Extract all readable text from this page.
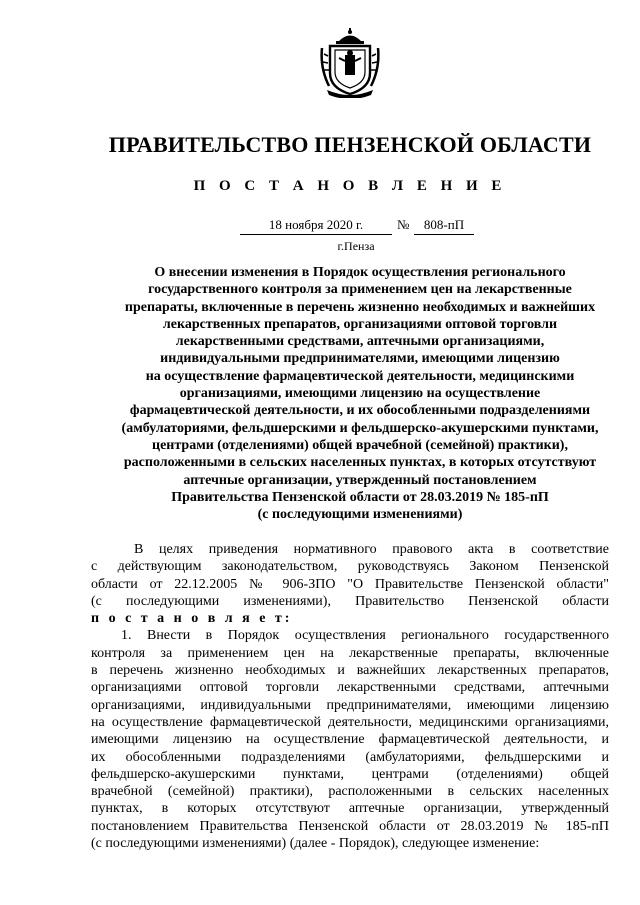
ПРАВИТЕЛЬСТВО ПЕНЗЕНСКОЙ ОБЛАСТИ
П О С Т А Н О В Л Е Н И Е
18 ноября 2020 г.	№	808-пП
г.Пенза
О внесении изменения в Порядок осуществления регионального
государственного контроля за применением цен на лекарственные
препараты, включенные в перечень жизненно необходимых и важнейших
лекарственных препаратов, организациями оптовой торговли
лекарственными средствами, аптечными организациями,
индивидуальными предпринимателями, имеющими лицензию
на осуществление фармацевтической деятельности, медицинскими
организациями, имеющими лицензию на осуществление
фармацевтической деятельности, и их обособленными подразделениями
(амбулаториями, фельдшерскими и фельдшерско-акушерскими пунктами,
центрами (отделениями) общей врачебной (семейной) практики),
расположенными в сельских населенных пунктах, в которых отсутствуют
аптечные организации, утвержденный постановлением
Правительства Пензенской области от 28.03.2019 № 185-пП
(с последующими изменениями)
В целях приведения нормативного правового акта в соответствие
с действующим законодательством, руководствуясь Законом Пензенской
области от 22.12.2005 № 906-ЗПО "О Правительстве Пензенской области"
(с последующими изменениями), Правительство Пензенской области
п о с т а н о в л я е т:
1. Внести в Порядок осуществления регионального государственного
контроля за применением цен на лекарственные препараты, включенные
в перечень жизненно необходимых и важнейших лекарственных препаратов,
организациями оптовой торговли лекарственными средствами, аптечными
организациями, индивидуальными предпринимателями, имеющими лицензию
на осуществление фармацевтической деятельности, медицинскими организациями,
имеющими лицензию на осуществление фармацевтической деятельности, и
их обособленными подразделениями (амбулаториями, фельдшерскими и
фельдшерско-акушерскими пунктами, центрами (отделениями) общей
врачебной (семейной) практики), расположенными в сельских населенных
пунктах, в которых отсутствуют аптечные организации, утвержденный
постановлением Правительства Пензенской области от 28.03.2019 № 185-пП
(с последующими изменениями) (далее - Порядок), следующее изменение:
